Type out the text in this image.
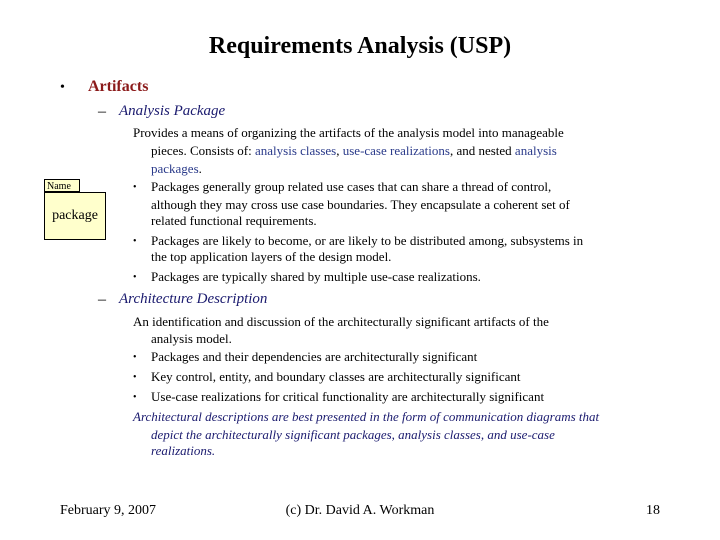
Requirements Analysis (USP)
• Artifacts
– Analysis Package
Name
package
Provides a means of organizing the artifacts of the analysis model into manageable
pieces. Consists of: analysis classes, use-case realizations, and nested analysis
packages.
• Packages generally group related use cases that can share a thread of control,
although they may cross use case boundaries. They encapsulate a coherent set of
related functional requirements.
• Packages are likely to become, or are likely to be distributed among, subsystems in
the top application layers of the design model.
• Packages are typically shared by multiple use-case realizations.
– Architecture Description
An identification and discussion of the architecturally significant artifacts of the
analysis model.
• Packages and their dependencies are architecturally significant
• Key control, entity, and boundary classes are architecturally significant
• Use-case realizations for critical functionality are architecturally significant
Architectural descriptions are best presented in the form of communication diagrams that
depict the architecturally significant packages, analysis classes, and use-case
realizations.
February 9, 2007	(c) Dr. David A. Workman	18
